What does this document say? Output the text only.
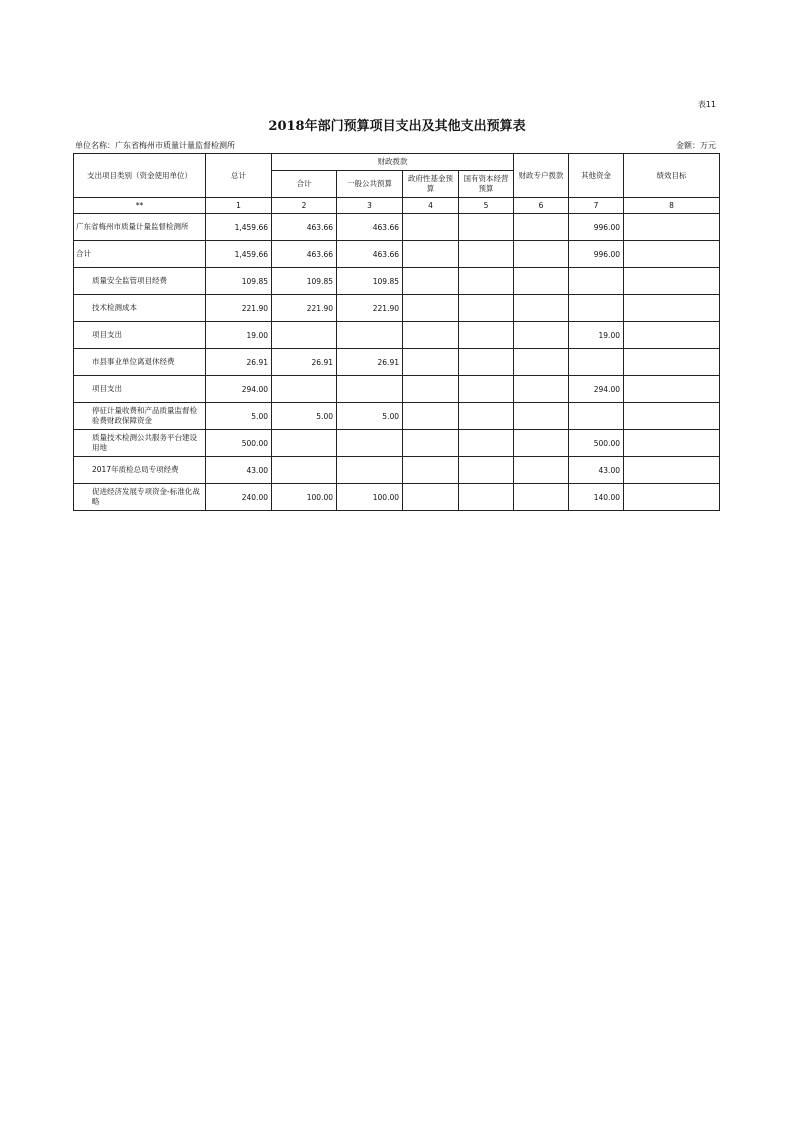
表11
2018年部门预算项目支出及其他支出预算表
单位名称：广东省梅州市质量计量监督检测所	金额：万元
支出项目类别（资金使用单位）	总计	财政拨款				财政专户拨款	其他资金	绩效目标
		合计	一般公共预算	政府性基金预算	国有资本经营预算			
**	1	2	3	4	5	6	7	8
广东省梅州市质量计量监督检测所	1,459.66	463.66	463.66				996.00	
合计	1,459.66	463.66	463.66				996.00	
质量安全监管项目经费	109.85	109.85	109.85					
技术检测成本	221.90	221.90	221.90					
项目支出	19.00						19.00	
市县事业单位离退休经费	26.91	26.91	26.91					
项目支出	294.00						294.00	
停征计量收费和产品质量监督检验费财政保障资金	5.00	5.00	5.00					
质量技术检测公共服务平台建设用地	500.00						500.00	
2017年质检总局专项经费	43.00						43.00	
促进经济发展专项资金-标准化战略	240.00	100.00	100.00				140.00	
